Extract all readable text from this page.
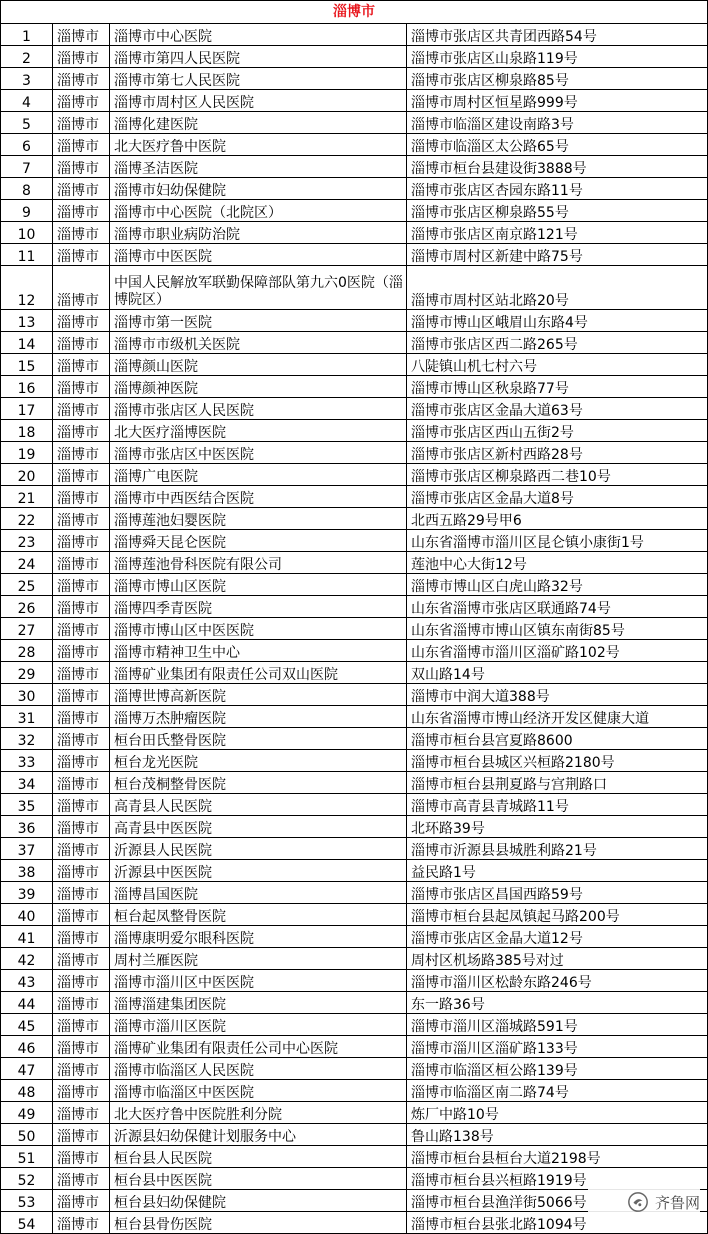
淄博市			
1	淄博市	淄博市中心医院	淄博市张店区共青团西路54号
2	淄博市	淄博市第四人民医院	淄博市张店区山泉路119号
3	淄博市	淄博市第七人民医院	淄博市张店区柳泉路85号
4	淄博市	淄博市周村区人民医院	淄博市周村区恒星路999号
5	淄博市	淄博化建医院	淄博市临淄区建设南路3号
6	淄博市	北大医疗鲁中医院	淄博市临淄区太公路65号
7	淄博市	淄博圣洁医院	淄博市桓台县建设街3888号
8	淄博市	淄博市妇幼保健院	淄博市张店区杏园东路11号
9	淄博市	淄博市中心医院（北院区）	淄博市张店区柳泉路55号
10	淄博市	淄博市职业病防治院	淄博市张店区南京路121号
11	淄博市	淄博市中医医院	淄博市周村区新建中路75号
12	淄博市	中国人民解放军联勤保障部队第九六0医院（淄博院区）	淄博市周村区站北路20号
13	淄博市	淄博市第一医院	淄博市博山区峨眉山东路4号
14	淄博市	淄博市市级机关医院	淄博市张店区西二路265号
15	淄博市	淄博颜山医院	八陡镇山机七村六号
16	淄博市	淄博颜神医院	淄博市博山区秋泉路77号
17	淄博市	淄博市张店区人民医院	淄博市张店区金晶大道63号
18	淄博市	北大医疗淄博医院	淄博市张店区西山五街2号
19	淄博市	淄博市张店区中医医院	淄博市张店区新村西路28号
20	淄博市	淄博广电医院	淄博市张店区柳泉路西二巷10号
21	淄博市	淄博市中西医结合医院	淄博市张店区金晶大道8号
22	淄博市	淄博莲池妇婴医院	北西五路29号甲6
23	淄博市	淄博舜天昆仑医院	山东省淄博市淄川区昆仑镇小康街1号
24	淄博市	淄博莲池骨科医院有限公司	莲池中心大街12号
25	淄博市	淄博市博山区医院	淄博市博山区白虎山路32号
26	淄博市	淄博四季青医院	山东省淄博市张店区联通路74号
27	淄博市	淄博市博山区中医医院	山东省淄博市博山区镇东南街85号
28	淄博市	淄博市精神卫生中心	山东省淄博市淄川区淄矿路102号
29	淄博市	淄博矿业集团有限责任公司双山医院	双山路14号
30	淄博市	淄博世博高新医院	淄博市中润大道388号
31	淄博市	淄博万杰肿瘤医院	山东省淄博市博山经济开发区健康大道
32	淄博市	桓台田氏整骨医院	淄博市桓台县宫夏路8600
33	淄博市	桓台龙光医院	淄博市桓台县城区兴桓路2180号
34	淄博市	桓台茂桐整骨医院	淄博市桓台县荆夏路与宫荆路口
35	淄博市	高青县人民医院	淄博市高青县青城路11号
36	淄博市	高青县中医医院	北环路39号
37	淄博市	沂源县人民医院	淄博市沂源县县城胜利路21号
38	淄博市	沂源县中医医院	益民路1号
39	淄博市	淄博昌国医院	淄博市张店区昌国西路59号
40	淄博市	桓台起凤整骨医院	淄博市桓台县起凤镇起马路200号
41	淄博市	淄博康明爱尔眼科医院	淄博市张店区金晶大道12号
42	淄博市	周村兰雁医院	周村区机场路385号对过
43	淄博市	淄博市淄川区中医医院	淄博市淄川区松龄东路246号
44	淄博市	淄博淄建集团医院	东一路36号
45	淄博市	淄博市淄川区医院	淄博市淄川区淄城路591号
46	淄博市	淄博矿业集团有限责任公司中心医院	淄博市淄川区淄矿路133号
47	淄博市	淄博市临淄区人民医院	淄博市临淄区桓公路139号
48	淄博市	淄博市临淄区中医医院	淄博市临淄区南二路74号
49	淄博市	北大医疗鲁中医院胜利分院	炼厂中路10号
50	淄博市	沂源县妇幼保健计划服务中心	鲁山路138号
51	淄博市	桓台县人民医院	淄博市桓台县桓台大道2198号
52	淄博市	桓台县中医医院	淄博市桓台县兴桓路1919号
53	淄博市	桓台县妇幼保健院	淄博市桓台县渔洋街5066号
54	淄博市	桓台县骨伤医院	淄博市桓台县张北路1094号
齐鲁网
